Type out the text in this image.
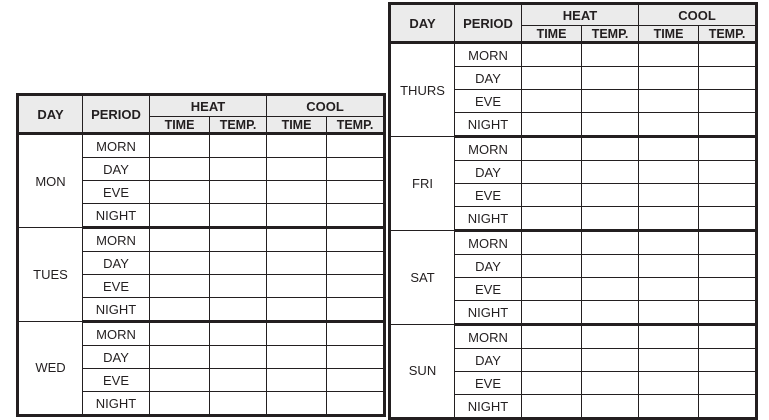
DAY	PERIOD	HEAT		COOL	
		TIME	TEMP.	TIME	TEMP.
MON	MORN				
	DAY				
	EVE				
	NIGHT				
TUES	MORN				
	DAY				
	EVE				
	NIGHT				
WED	MORN				
	DAY				
	EVE				
	NIGHT				
DAY	PERIOD	HEAT		COOL	
		TIME	TEMP.	TIME	TEMP.
THURS	MORN				
	DAY				
	EVE				
	NIGHT				
FRI	MORN				
	DAY				
	EVE				
	NIGHT				
SAT	MORN				
	DAY				
	EVE				
	NIGHT				
SUN	MORN				
	DAY				
	EVE				
	NIGHT				
